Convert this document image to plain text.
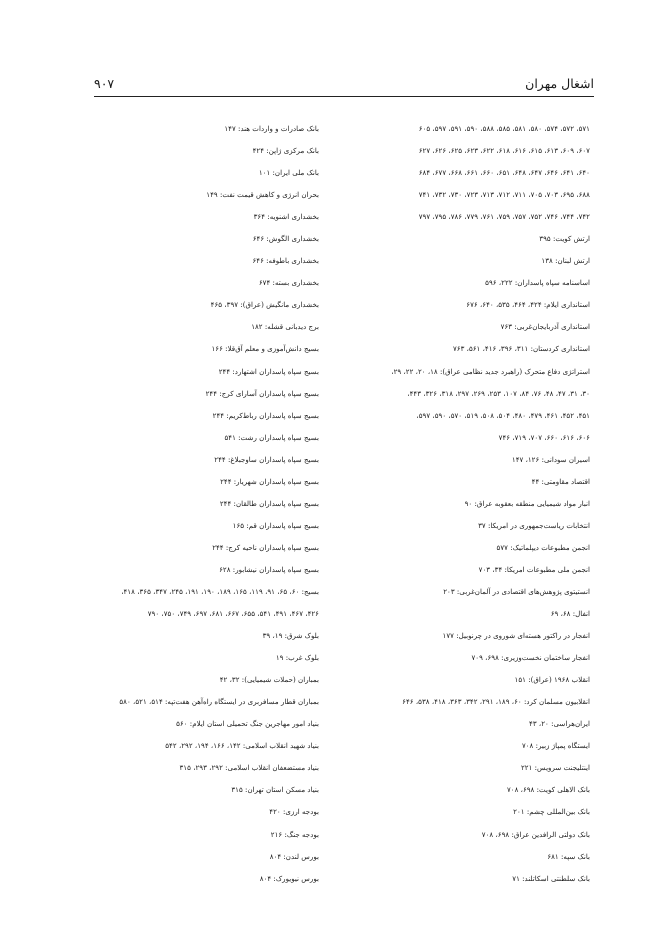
اشغال مهران
۹۰۷
۵۷۱، ۵۷۲، ۵۷۴، ۵۸۰، ۵۸۱، ۵۸۵، ۵۸۸، ۵۹۰، ۵۹۱، ۵۹۷، ۶۰۵
۶۰۷، ۶۰۹، ۶۱۳، ۶۱۵، ۶۱۶، ۶۱۸، ۶۲۲، ۶۲۳، ۶۲۵، ۶۲۶، ۶۲۷
۶۴۰، ۶۴۱، ۶۴۶، ۶۴۷، ۶۴۸، ۶۵۱، ۶۶۰، ۶۶۱، ۶۶۸، ۶۷۷، ۶۸۴
۶۸۸، ۶۹۵، ۷۰۳، ۷۰۵، ۷۱۱، ۷۱۲، ۷۱۳، ۷۲۳، ۷۳۰، ۷۳۲، ۷۴۱
۷۴۲، ۷۴۴، ۷۴۶، ۷۵۲، ۷۵۷، ۷۵۹، ۷۶۱، ۷۷۹، ۷۸۶، ۷۹۵، ۷۹۷
ارتش کویت: ۳۹۵
ارتش لبنان: ۱۳۸
اساسنامه سپاه پاسداران: ۲۲۲، ۵۹۶
استانداری ایلام: ۴۲۴، ۴۶۴، ۵۳۵، ۶۴۰، ۶۷۶
استانداری آذربایجان‌غربی: ۷۶۳
استانداری کردستان: ۳۱۱، ۳۹۶، ۴۱۶، ۵۶۱، ۷۶۳
استراتژی دفاع متحرک (راهبرد جدید نظامی عراق): ۱۸، ۲۰، ۲۲، ۲۹،
۳۰، ۳۱، ۴۷، ۴۸، ۷۶، ۸۴، ۱۰۷، ۲۵۳، ۲۶۹، ۲۹۷، ۳۱۸، ۳۲۶، ۴۴۳،
۴۵۱، ۴۵۲، ۴۶۱، ۴۷۹، ۴۸۰، ۵۰۴، ۵۰۸، ۵۱۹، ۵۷۰، ۵۹۰، ۵۹۷،
۶۰۶، ۶۱۶، ۶۶۰، ۷۰۷، ۷۱۹، ۷۴۶
اسیران سودانی: ۱۲۶، ۱۴۷
اقتصاد مقاومتی: ۴۴
انبار مواد شیمیایی منطقه بعقوبه عراق: ۹۰
انتخابات ریاست‌جمهوری در امریکا: ۳۷
انجمن مطبوعات دیپلماتیک: ۵۷۷
انجمن ملی مطبوعات امریکا: ۳۴، ۷۰۳
انستیتوی پژوهش‌های اقتصادی در آلمان‌غربی: ۲۰۳
انفال: ۶۸، ۶۹
انفجار در راکتور هسته‌ای شوروی در چرنوبیل: ۱۷۷
انفجار ساختمان نخست‌وزیری: ۶۹۸، ۷۰۹
انقلاب ۱۹۶۸ (عراق): ۱۵۱
انقلابیون مسلمان کرد: ۶۰، ۱۸۹، ۲۹۱، ۳۴۲، ۳۶۳، ۴۱۸، ۵۳۸، ۶۴۶
ایران‌هراسی: ۲۰، ۴۳
ایستگاه پمپاژ زبیر: ۷۰۸
اینتلیجنت سرویس: ۲۲۱
بانک الاهلی کویت: ۶۹۸، ۷۰۸
بانک بین‌المللی چشم: ۲۰۱
بانک دولتی الرافدین عراق: ۶۹۸، ۷۰۸
بانک سپه: ۶۸۱
بانک سلطنتی اسکاتلند: ۷۱
بانک صادرات و واردات هند: ۱۴۷
بانک مرکزی ژاپن: ۴۲۴
بانک ملی ایران: ۱۰۱
بحران انرژی و کاهش قیمت نفت: ۱۴۹
بخشداری اشنویه: ۳۶۴
بخشداری الگوش: ۶۴۶
بخشداری باطوفه: ۶۴۶
بخشداری بسته: ۶۷۴
بخشداری مانگیش (عراق): ۳۹۷، ۴۶۵
برج دیدبانی قشله: ۱۸۲
بسیج دانش‌آموزی و معلم آق‌قلا: ۱۶۶
بسیج سپاه پاسداران اشتهارد: ۲۴۴
بسیج سپاه پاسداران آسارای کرج: ۲۴۴
بسیج سپاه پاسداران رباط‌کریم: ۲۴۴
بسیج سپاه پاسداران رشت: ۵۴۱
بسیج سپاه پاسداران ساوجبلاغ: ۲۴۴
بسیج سپاه پاسداران شهریار: ۲۴۴
بسیج سپاه پاسداران طالقان: ۲۴۴
بسیج سپاه پاسداران قم: ۱۶۵
بسیج سپاه پاسداران ناحیه کرج: ۲۴۴
بسیج سپاه پاسداران نیشابور: ۶۲۸
بسیج: ۶۰، ۶۵، ۹۱، ۱۱۹، ۱۶۵، ۱۸۹، ۱۹۰، ۱۹۱، ۲۴۵، ۳۴۷، ۳۶۵، ۴۱۸،
۴۲۶، ۴۶۷، ۴۹۱، ۵۴۱، ۶۵۵، ۶۶۷، ۶۸۱، ۶۹۷، ۷۴۹، ۷۵۰، ۷۹۰
بلوک شرق: ۱۹، ۳۹
بلوک غرب: ۱۹
بمباران (حملات شیمیایی): ۳۲، ۴۲
بمباران قطار مسافربری در ایستگاه راه‌آهن هفت‌تپه: ۵۱۴، ۵۲۱، ۵۸۰
بنیاد امور مهاجرین جنگ تحمیلی استان ایلام: ۵۶۰
بنیاد شهید انقلاب اسلامی: ۱۴۲، ۱۶۶، ۱۹۴، ۲۹۲، ۵۴۲
بنیاد مستضعفان انقلاب اسلامی: ۲۹۲، ۲۹۳، ۳۱۵
بنیاد مسکن استان تهران: ۳۱۵
بودجه ارزی: ۴۲۰
بودجه جنگ: ۲۱۶
بورس لندن: ۸۰۴
بورس نیویورک: ۸۰۴
